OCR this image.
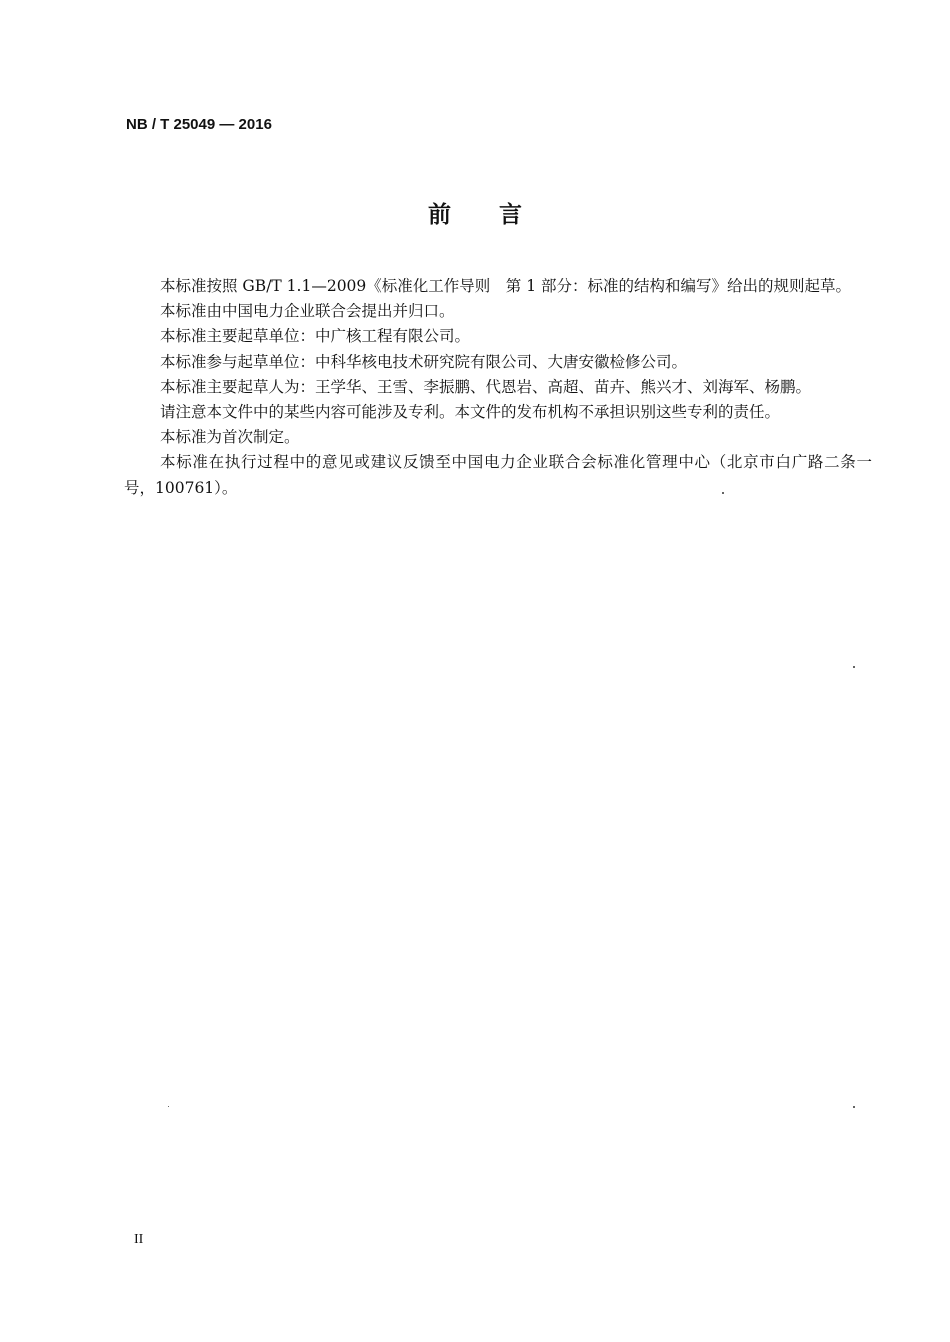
NB / T 25049 — 2016
前言

本标准按照 GB/T 1.1—2009《标准化工作导则　第 1 部分：标准的结构和编写》给出的规则起草。

本标准由中国电力企业联合会提出并归口。

本标准主要起草单位：中广核工程有限公司。

本标准参与起草单位：中科华核电技术研究院有限公司、大唐安徽检修公司。

本标准主要起草人为：王学华、王雪、李振鹏、代恩岩、高超、苗卉、熊兴才、刘海军、杨鹏。

请注意本文件中的某些内容可能涉及专利。本文件的发布机构不承担识别这些专利的责任。

本标准为首次制定。

本标准在执行过程中的意见或建议反馈至中国电力企业联合会标准化管理中心（北京市白广路二条一号，100761）。

II
